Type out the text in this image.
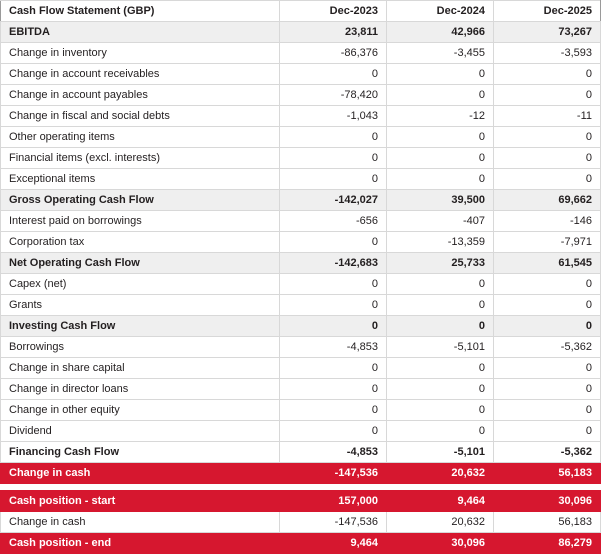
Cash Flow Statement (GBP)	Dec-2023	Dec-2024	Dec-2025
EBITDA	23,811	42,966	73,267
Change in inventory	-86,376	-3,455	-3,593
Change in account receivables	0	0	0
Change in account payables	-78,420	0	0
Change in fiscal and social debts	-1,043	-12	-11
Other operating items	0	0	0
Financial items (excl. interests)	0	0	0
Exceptional items	0	0	0
Gross Operating Cash Flow	-142,027	39,500	69,662
Interest paid on borrowings	-656	-407	-146
Corporation tax	0	-13,359	-7,971
Net Operating Cash Flow	-142,683	25,733	61,545
Capex (net)	0	0	0
Grants	0	0	0
Investing Cash Flow	0	0	0
Borrowings	-4,853	-5,101	-5,362
Change in share capital	0	0	0
Change in director loans	0	0	0
Change in other equity	0	0	0
Dividend	0	0	0
Financing Cash Flow	-4,853	-5,101	-5,362
Change in cash	-147,536	20,632	56,183

Cash position - start	157,000	9,464	30,096
Change in cash	-147,536	20,632	56,183
Cash position - end	9,464	30,096	86,279
